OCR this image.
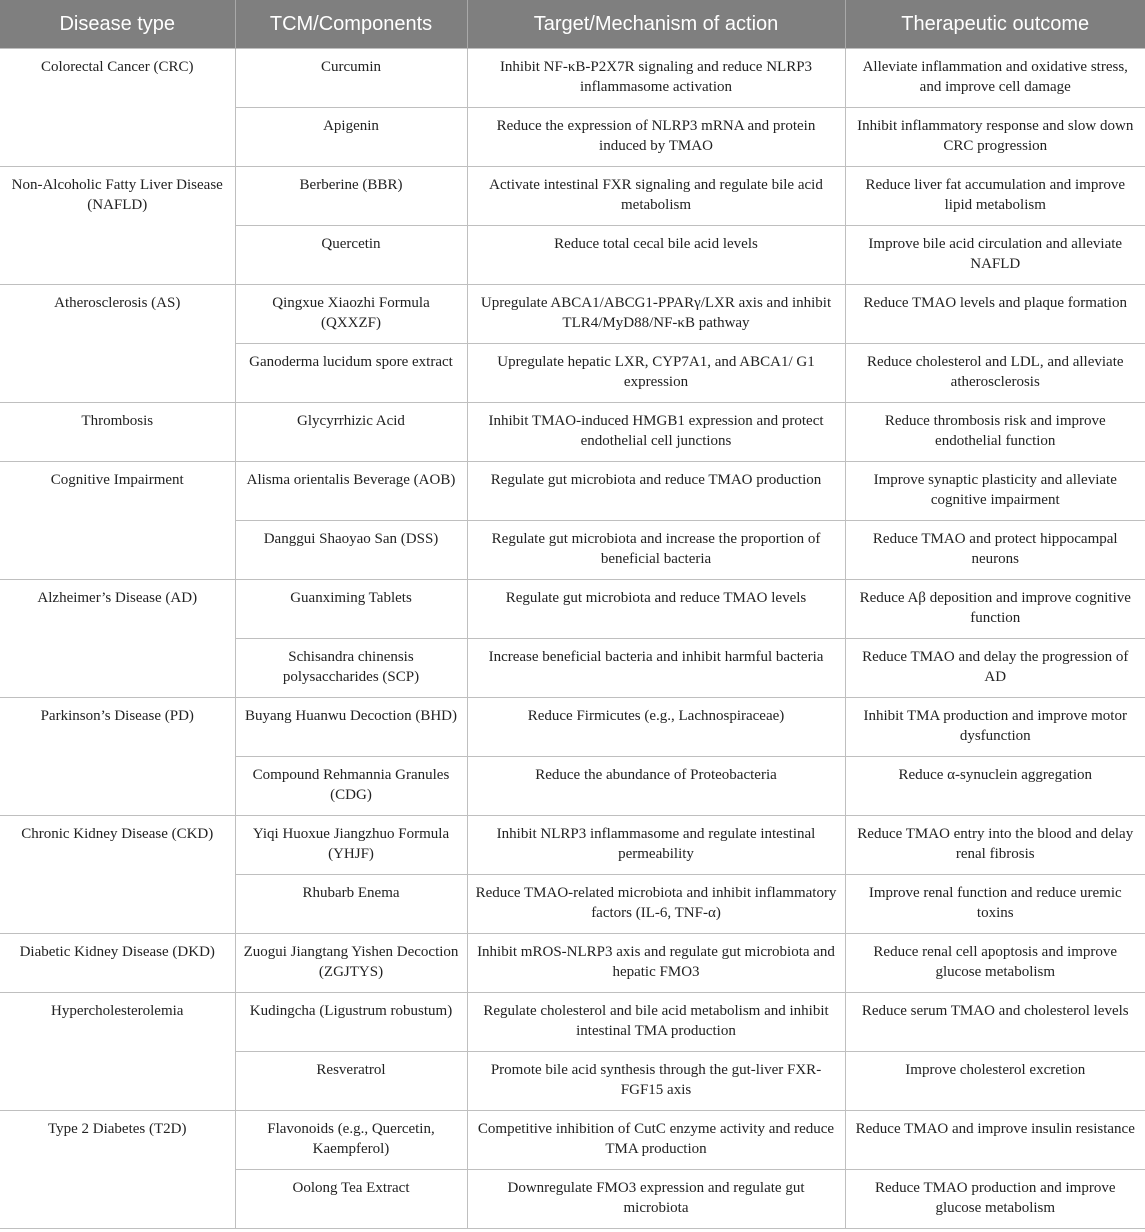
Disease type	TCM/Components	Target/Mechanism of action	Therapeutic outcome
Colorectal Cancer (CRC)	Curcumin	Inhibit NF-κB-P2X7R signaling and reduce NLRP3 inflammasome activation	Alleviate inflammation and oxidative stress, and improve cell damage
	Apigenin	Reduce the expression of NLRP3 mRNA and protein induced by TMAO	Inhibit inflammatory response and slow down CRC progression
Non-Alcoholic Fatty Liver Disease (NAFLD)	Berberine (BBR)	Activate intestinal FXR signaling and regulate bile acid metabolism	Reduce liver fat accumulation and improve lipid metabolism
	Quercetin	Reduce total cecal bile acid levels	Improve bile acid circulation and alleviate NAFLD
Atherosclerosis (AS)	Qingxue Xiaozhi Formula (QXXZF)	Upregulate ABCA1/ABCG1-PPARγ/LXR axis and inhibit TLR4/MyD88/NF-κB pathway	Reduce TMAO levels and plaque formation
	Ganoderma lucidum spore extract	Upregulate hepatic LXR, CYP7A1, and ABCA1/ G1 expression	Reduce cholesterol and LDL, and alleviate atherosclerosis
Thrombosis	Glycyrrhizic Acid	Inhibit TMAO-induced HMGB1 expression and protect endothelial cell junctions	Reduce thrombosis risk and improve endothelial function
Cognitive Impairment	Alisma orientalis Beverage (AOB)	Regulate gut microbiota and reduce TMAO production	Improve synaptic plasticity and alleviate cognitive impairment
	Danggui Shaoyao San (DSS)	Regulate gut microbiota and increase the proportion of beneficial bacteria	Reduce TMAO and protect hippocampal neurons
Alzheimer’s Disease (AD)	Guanximing Tablets	Regulate gut microbiota and reduce TMAO levels	Reduce Aβ deposition and improve cognitive function
	Schisandra chinensis polysaccharides (SCP)	Increase beneficial bacteria and inhibit harmful bacteria	Reduce TMAO and delay the progression of AD
Parkinson’s Disease (PD)	Buyang Huanwu Decoction (BHD)	Reduce Firmicutes (e.g., Lachnospiraceae)	Inhibit TMA production and improve motor dysfunction
	Compound Rehmannia Granules (CDG)	Reduce the abundance of Proteobacteria	Reduce α-synuclein aggregation
Chronic Kidney Disease (CKD)	Yiqi Huoxue Jiangzhuo Formula (YHJF)	Inhibit NLRP3 inflammasome and regulate intestinal permeability	Reduce TMAO entry into the blood and delay renal fibrosis
	Rhubarb Enema	Reduce TMAO-related microbiota and inhibit inflammatory factors (IL-6, TNF-α)	Improve renal function and reduce uremic toxins
Diabetic Kidney Disease (DKD)	Zuogui Jiangtang Yishen Decoction (ZGJTYS)	Inhibit mROS-NLRP3 axis and regulate gut microbiota and hepatic FMO3	Reduce renal cell apoptosis and improve glucose metabolism
Hypercholesterolemia	Kudingcha (Ligustrum robustum)	Regulate cholesterol and bile acid metabolism and inhibit intestinal TMA production	Reduce serum TMAO and cholesterol levels
	Resveratrol	Promote bile acid synthesis through the gut-liver FXR-FGF15 axis	Improve cholesterol excretion
Type 2 Diabetes (T2D)	Flavonoids (e.g., Quercetin, Kaempferol)	Competitive inhibition of CutC enzyme activity and reduce TMA production	Reduce TMAO and improve insulin resistance
	Oolong Tea Extract	Downregulate FMO3 expression and regulate gut microbiota	Reduce TMAO production and improve glucose metabolism
